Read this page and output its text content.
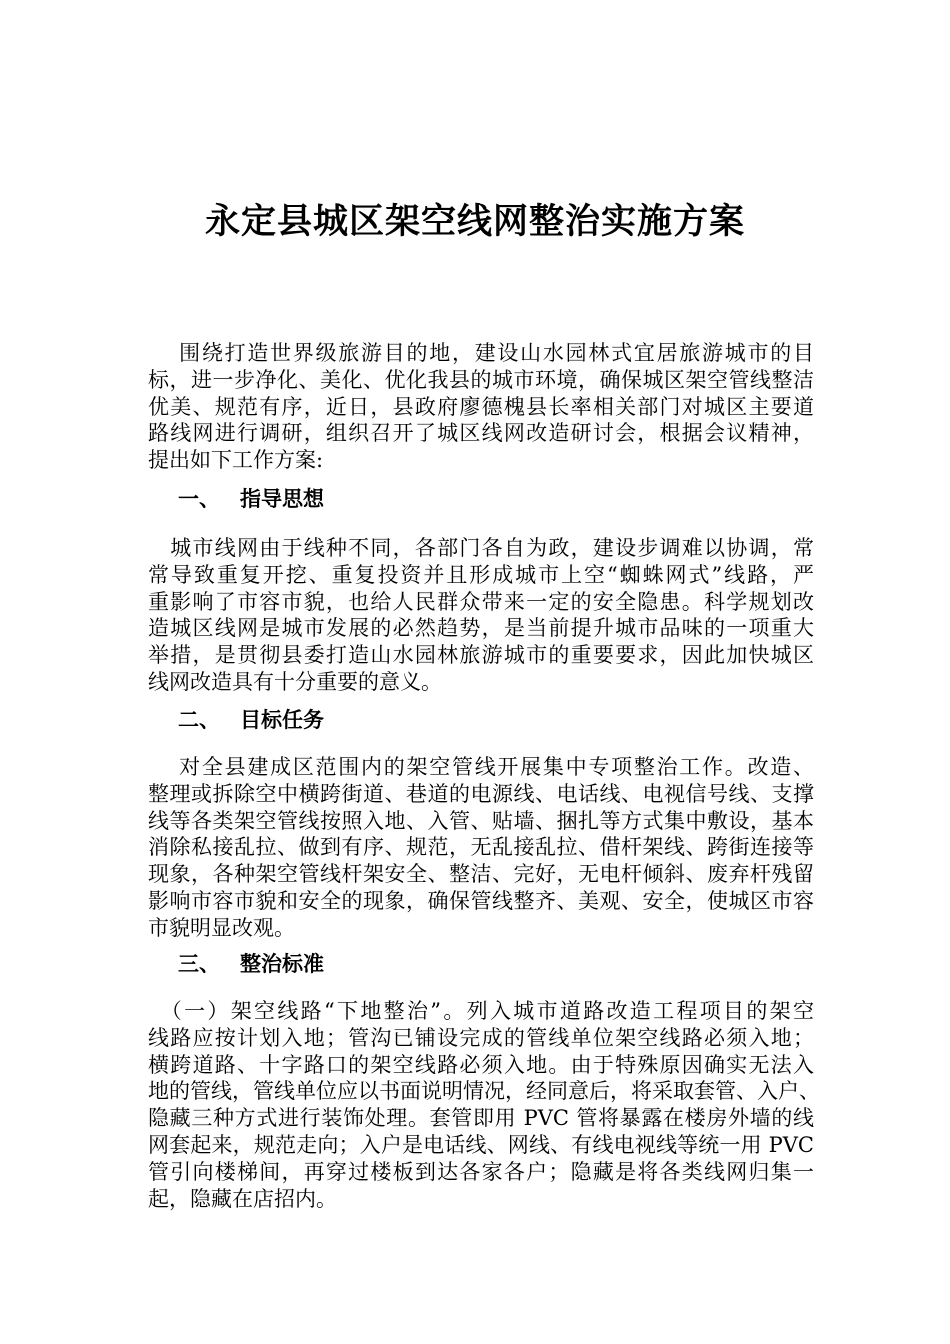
永定县城区架空线网整治实施方案

　 围绕打造世界级旅游目的地，建设山水园林式宜居旅游城市的目
标，进一步净化、美化、优化我县的城市环境，确保城区架空管线整洁
优美、规范有序，近日，县政府廖德槐县长率相关部门对城区主要道
路线网进行调研，组织召开了城区线网改造研讨会，根据会议精神，
提出如下工作方案:

一、 指导思想

　城市线网由于线种不同，各部门各自为政，建设步调难以协调，常
常导致重复开挖、重复投资并且形成城市上空“蜘蛛网式”线路，严
重影响了市容市貌，也给人民群众带来一定的安全隐患。科学规划改
造城区线网是城市发展的必然趋势，是当前提升城市品味的一项重大
举措，是贯彻县委打造山水园林旅游城市的重要要求，因此加快城区
线网改造具有十分重要的意义。

二、 目标任务

　 对全县建成区范围内的架空管线开展集中专项整治工作。改造、
整理或拆除空中横跨街道、巷道的电源线、电话线、电视信号线、支撑
线等各类架空管线按照入地、入管、贴墙、捆扎等方式集中敷设，基本
消除私接乱拉、做到有序、规范，无乱接乱拉、借杆架线、跨街连接等
现象，各种架空管线杆架安全、整洁、完好，无电杆倾斜、废弃杆残留
影响市容市貌和安全的现象，确保管线整齐、美观、安全，使城区市容
市貌明显改观。

三、 整治标准

　（一）架空线路“下地整治”。列入城市道路改造工程项目的架空
线路应按计划入地；管沟已铺设完成的管线单位架空线路必须入地；
横跨道路、十字路口的架空线路必须入地。由于特殊原因确实无法入
地的管线，管线单位应以书面说明情况，经同意后，将采取套管、入户、
隐藏三种方式进行装饰处理。套管即用 PVC 管将暴露在楼房外墙的线
网套起来，规范走向；入户是电话线、网线、有线电视线等统一用 PVC
管引向楼梯间，再穿过楼板到达各家各户；隐藏是将各类线网归集一
起，隐藏在店招内。
